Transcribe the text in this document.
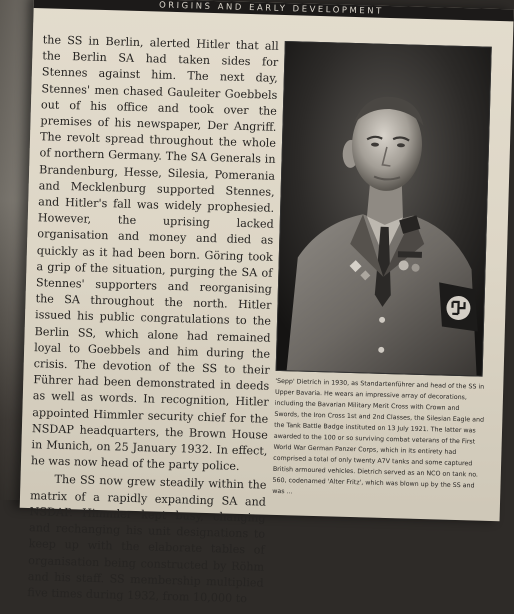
ORIGINS AND EARLY DEVELOPMENT

the SS in Berlin, alerted Hitler that all the Berlin SA had taken sides for Stennes against him. The next day, Stennes' men chased Gauleiter Goebbels out of his office and took over the premises of his newspaper, Der Angriff. The revolt spread throughout the whole of northern Germany. The SA Generals in Brandenburg, Hesse, Silesia, Pomerania and Mecklenburg supported Stennes, and Hitler's fall was widely prophesied. However, the uprising lacked organisation and money and died as quickly as it had been born. Göring took a grip of the situation, purging the SA of Stennes' supporters and reorganising the SA throughout the north. Hitler issued his public congratulations to the Berlin SS, which alone had remained loyal to Goebbels and him during the crisis. The devotion of the SS to their Führer had been demonstrated in deeds as well as words. In recognition, Hitler appointed Himmler security chief for the NSDAP headquarters, the Brown House in Munich, on 25 January 1932. In effect, he was now head of the party police.

The SS now grew steadily within the matrix of a rapidly expanding SA and NSDAP. Himmler kept busy, changing and rechanging his unit designations to keep up with the elaborate tables of organisation being constructed by Röhm and his staff. SS membership multiplied five times during 1932, from 10,000 to

'Sepp' Dietrich in 1930, as Standartenführer and head of the SS in Upper Bavaria. He wears an impressive array of decorations, including the Bavarian Military Merit Cross with Crown and Swords, the Iron Cross 1st and 2nd Classes, the Silesian Eagle and the Tank Battle Badge instituted on 13 July 1921. The latter was awarded to the 100 or so surviving combat veterans of the First World War German Panzer Corps, which in its entirety had comprised a total of only twenty A7V tanks and some captured British armoured vehicles. Dietrich served as an NCO on tank no. 560, codenamed 'Alter Fritz', which was blown up by the SS and was ...
